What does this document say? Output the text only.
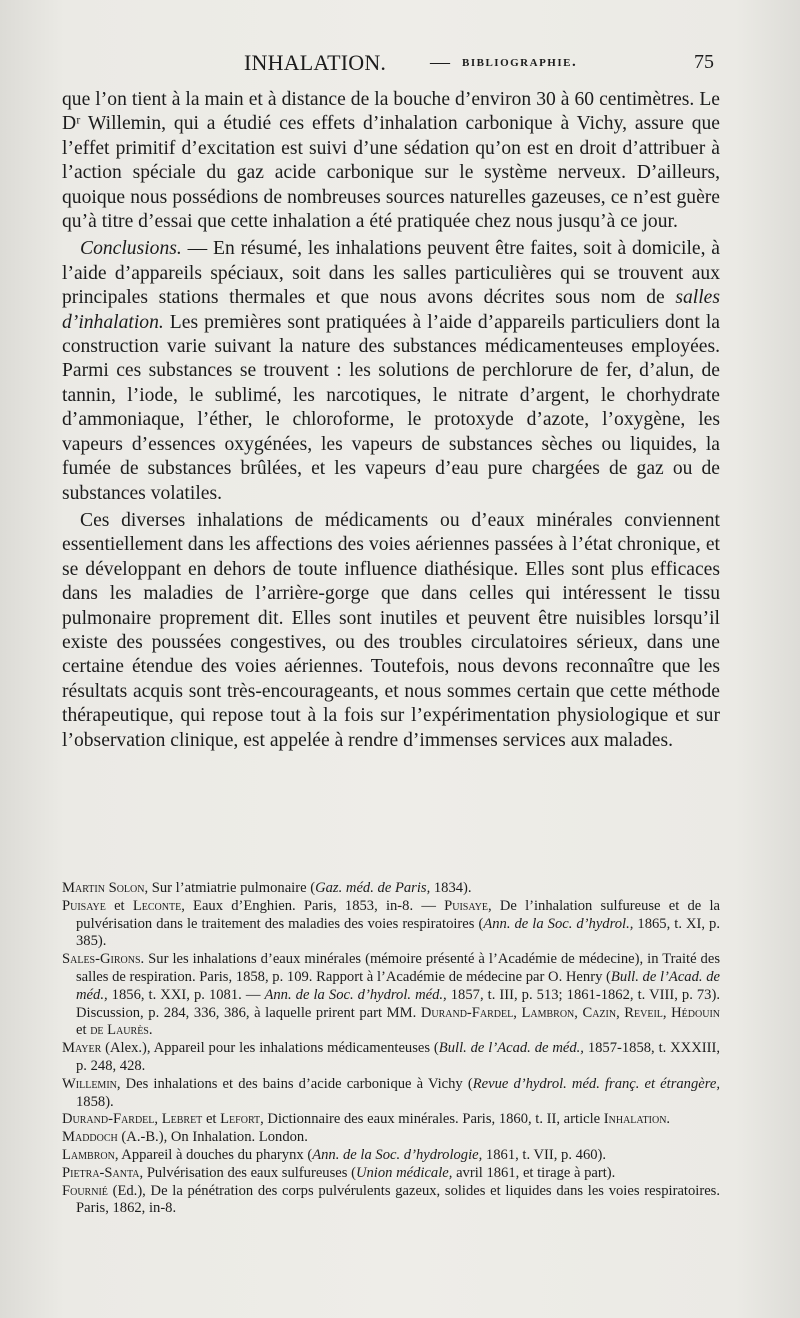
INHALATION. — bibliographie.	75

que l’on tient à la main et à distance de la bouche d’environ 30 à 60 centimètres. Le Dʳ Willemin, qui a étudié ces effets d’inhalation carbonique à Vichy, assure que l’effet primitif d’excitation est suivi d’une sédation qu’on est en droit d’attribuer à l’action spéciale du gaz acide carbonique sur le système nerveux. D’ailleurs, quoique nous possédions de nombreuses sources naturelles gazeuses, ce n’est guère qu’à titre d’essai que cette inhalation a été pratiquée chez nous jusqu’à ce jour.

Conclusions. — En résumé, les inhalations peuvent être faites, soit à domicile, à l’aide d’appareils spéciaux, soit dans les salles particulières qui se trouvent aux principales stations thermales et que nous avons décrites sous nom de salles d’inhalation. Les premières sont pratiquées à l’aide d’appareils particuliers dont la construction varie suivant la nature des substances médicamenteuses employées. Parmi ces substances se trouvent : les solutions de perchlorure de fer, d’alun, de tannin, l’iode, le sublimé, les narcotiques, le nitrate d’argent, le chorhydrate d’ammoniaque, l’éther, le chloroforme, le protoxyde d’azote, l’oxygène, les vapeurs d’essences oxygénées, les vapeurs de substances sèches ou liquides, la fumée de substances brûlées, et les vapeurs d’eau pure chargées de gaz ou de substances volatiles.

Ces diverses inhalations de médicaments ou d’eaux minérales conviennent essentiellement dans les affections des voies aériennes passées à l’état chronique, et se développant en dehors de toute influence diathésique. Elles sont plus efficaces dans les maladies de l’arrière-gorge que dans celles qui intéressent le tissu pulmonaire proprement dit. Elles sont inutiles et peuvent être nuisibles lorsqu’il existe des poussées congestives, ou des troubles circulatoires sérieux, dans une certaine étendue des voies aériennes. Toutefois, nous devons reconnaître que les résultats acquis sont très-encourageants, et nous sommes certain que cette méthode thérapeutique, qui repose tout à la fois sur l’expérimentation physiologique et sur l’observation clinique, est appelée à rendre d’immenses services aux malades.

Martin Solon, Sur l’atmiatrie pulmonaire (Gaz. méd. de Paris, 1834).

Puisaye et Leconte, Eaux d’Enghien. Paris, 1853, in-8. — Puisaye, De l’inhalation sulfureuse et de la pulvérisation dans le traitement des maladies des voies respiratoires (Ann. de la Soc. d’hydrol., 1865, t. XI, p. 385).

Sales-Girons. Sur les inhalations d’eaux minérales (mémoire présenté à l’Académie de médecine), in Traité des salles de respiration. Paris, 1858, p. 109. Rapport à l’Académie de médecine par O. Henry (Bull. de l’Acad. de méd., 1856, t. XXI, p. 1081. — Ann. de la Soc. d’hydrol. méd., 1857, t. III, p. 513; 1861-1862, t. VIII, p. 73). Discussion, p. 284, 336, 386, à laquelle prirent part MM. Durand-Fardel, Lambron, Cazin, Reveil, Hédouin et de Laurès.

Mayer (Alex.), Appareil pour les inhalations médicamenteuses (Bull. de l’Acad. de méd., 1857-1858, t. XXXIII, p. 248, 428.

Willemin, Des inhalations et des bains d’acide carbonique à Vichy (Revue d’hydrol. méd. franç. et étrangère, 1858).

Durand-Fardel, Lebret et Lefort, Dictionnaire des eaux minérales. Paris, 1860, t. II, article Inhalation.

Maddoch (A.-B.), On Inhalation. London.

Lambron, Appareil à douches du pharynx (Ann. de la Soc. d’hydrologie, 1861, t. VII, p. 460).

Pietra-Santa, Pulvérisation des eaux sulfureuses (Union médicale, avril 1861, et tirage à part).

Fournié (Ed.), De la pénétration des corps pulvérulents gazeux, solides et liquides dans les voies respiratoires. Paris, 1862, in-8.
